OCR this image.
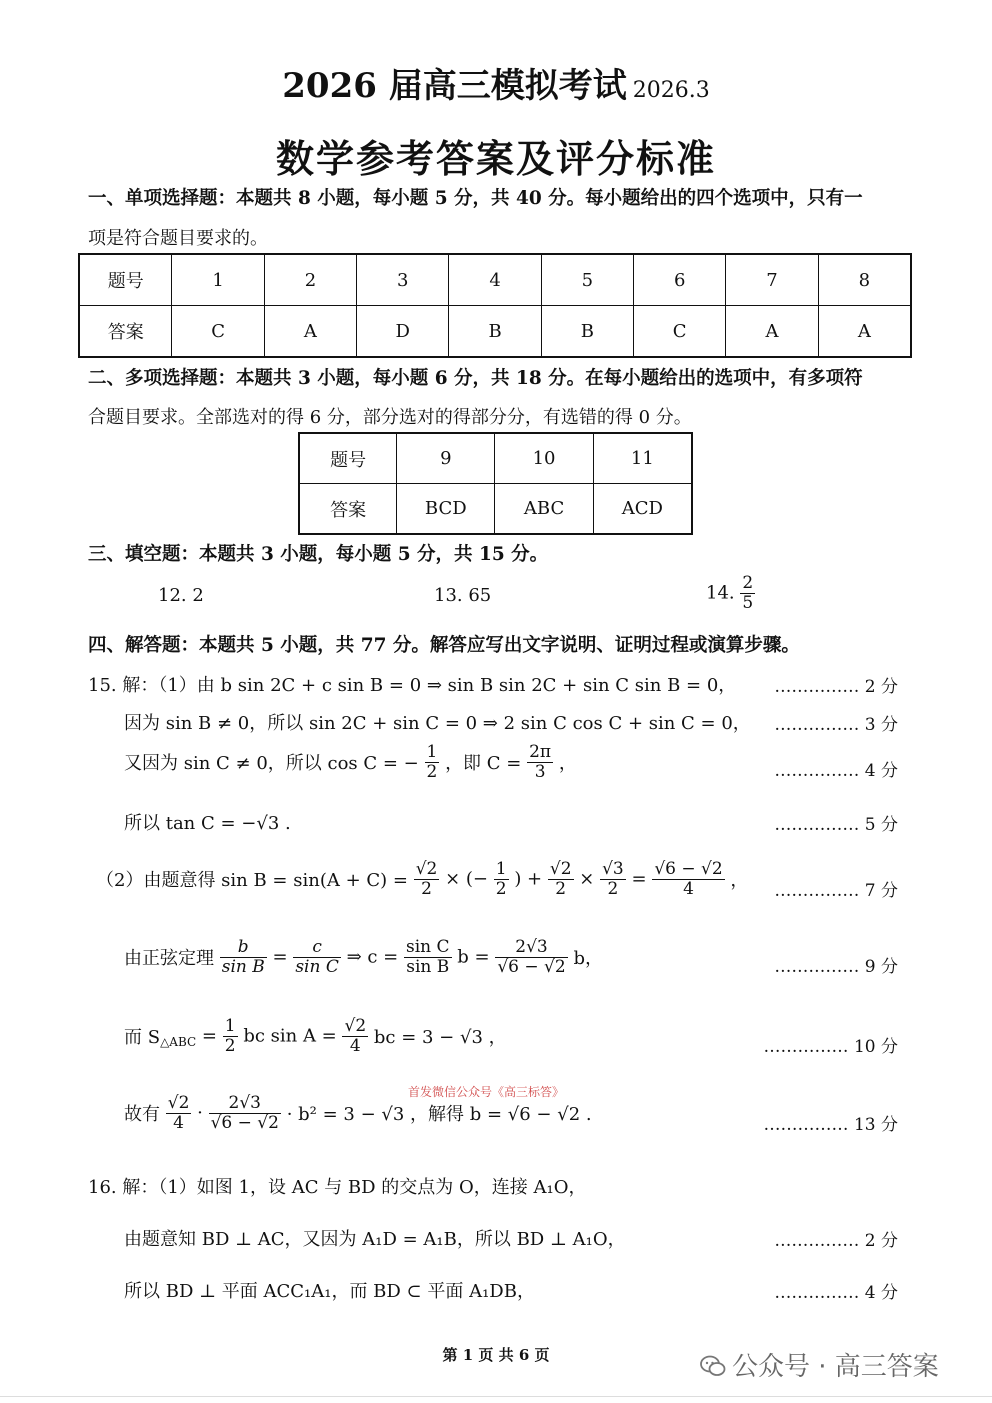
2026 届高三模拟考试 2026.3
数学参考答案及评分标准
一、单项选择题：本题共 8 小题，每小题 5 分，共 40 分。每小题给出的四个选项中，只有一
项是符合题目要求的。
题号	1	2	3	4	5	6	7	8
答案	C	A	D	B	B	C	A	A
二、多项选择题：本题共 3 小题，每小题 6 分，共 18 分。在每小题给出的选项中，有多项符
合题目要求。全部选对的得 6 分，部分选对的得部分分，有选错的得 0 分。
题号	9	10	11
答案	BCD	ABC	ACD
三、填空题：本题共 3 小题，每小题 5 分，共 15 分。
12. 2	13. 65	14. $\frac{2}{5}$
四、解答题：本题共 5 小题，共 77 分。解答应写出文字说明、证明过程或演算步骤。
15. 解：（1）由 b sin 2C + c sin B = 0 ⇒ sin B sin 2C + sin C sin B = 0， …………… 2 分
因为 sin B ≠ 0，所以 sin 2C + sin C = 0 ⇒ 2 sin C cos C + sin C = 0， …………… 3 分
又因为 sin C ≠ 0，所以 cos C = − $\frac{1}{2}$ ，即 $C = \frac{2\pi}{3}$ ，	…………… 4 分
所以 tan C = −√3 .	…………… 5 分
（2）由题意得 $\sin B = \sin(A + C) = \frac{√2}{2}$ × (− $\frac{1}{2}$ ) + $\frac{√2}{2} \times \frac{√3}{2} = \frac{√6 - √2}{4}$ ， …………… 7 分
由正弦定理 $\frac{b}{\text{sin B}} = \frac{c}{\text{sin C}}$ ⇒ $c = \frac{\text{sin C}}{\text{sin B}}$ $b = \frac{2√3}{√6 - √2}$ b，	…………… 9 分
而 $S_{\triangle ABC} = \frac{1}{2}$ bc $\sin A = \frac{√2}{4}$ bc = 3 − √3 ，	…………… 10 分
首发微信公众号《高三标答》
故有 $\frac{√2}{4} \cdot \frac{2√3}{√6 - √2} \cdot b^2 = 3 - √3$ ，解得 b = √6 − √2 .	…………… 13 分
16. 解：（1）如图 1，设 AC 与 BD 的交点为 O，连接 A₁O，
由题意知 BD ⊥ AC，又因为 A₁D = A₁B，所以 BD ⊥ A₁O，	…………… 2 分
所以 BD ⊥ 平面 ACC₁A₁，而 BD ⊂ 平面 A₁DB，	…………… 4 分
第 1 页 共 6 页	公众号 · 高三答案
